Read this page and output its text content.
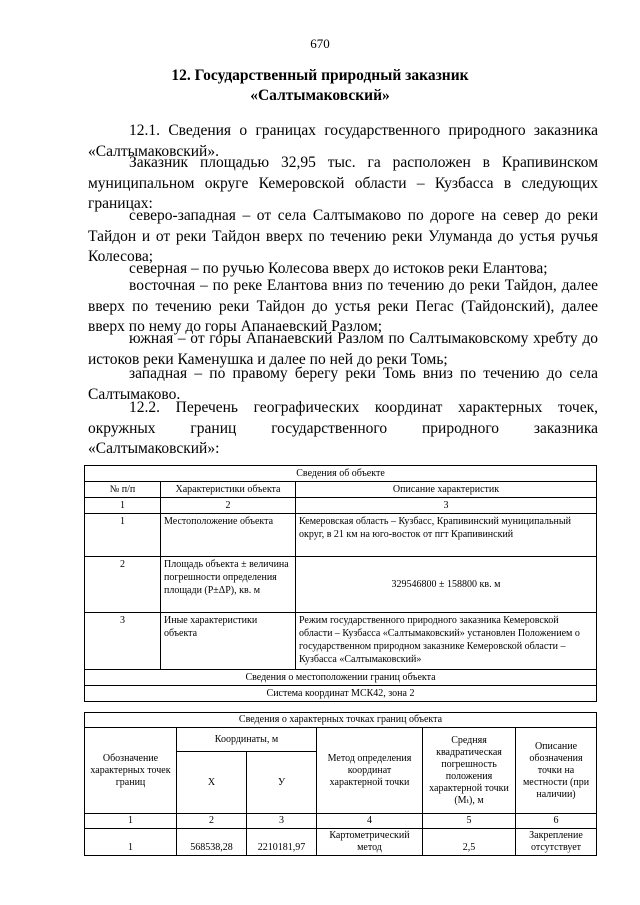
670
12. Государственный природный заказник
«Салтымаковский»
12.1. Сведения о границах государственного природного заказника
«Салтымаковский».
Заказник площадью 32,95 тыс. га расположен в Крапивинском
муниципальном округе Кемеровской области – Кузбасса в следующих
границах:
северо-западная – от села Салтымаково по дороге на север до реки
Тайдон и от реки Тайдон вверх по течению реки Улуманда до устья ручья
Колесова;
северная – по ручью Колесова вверх до истоков реки Елантова;
восточная – по реке Елантова вниз по течению до реки Тайдон, далее
вверх по течению реки Тайдон до устья реки Пегас (Тайдонский), далее
вверх по нему до горы Апанаевский Разлом;
южная – от горы Апанаевский Разлом по Салтымаковскому хребту до
истоков реки Каменушка и далее по ней до реки Томь;
западная – по правому берегу реки Томь вниз по течению до села
Салтымаково.
12.2. Перечень географических координат характерных точек,
окружных границ государственного природного заказника
«Салтымаковский»:
Сведения об объекте		
№ п/п	Характеристики объекта	Описание характеристик
1	2	3
1	Местоположение объекта	Кемеровская область – Кузбасс, Крапивинский муниципальный округ, в 21 км на юго-восток от пгт Крапивинский
2	Площадь объекта ± величина погрешности определения площади (P±ΔP), кв. м	329546800 ± 158800 кв. м
3	Иные характеристики объекта	Режим государственного природного заказника Кемеровской области – Кузбасса «Салтымаковский» установлен Положением о государственном природном заказнике Кемеровской области – Кузбасса «Салтымаковский»
Сведения о местоположении границ объекта		
Система координат МСК42, зона 2		
Сведения о характерных точках границ объекта					
Обозначение характерных точек границ	Координаты, м		Метод определения координат характерной точки	Средняя квадратическая погрешность положения характерной точки (Mₜ), м	Описание обозначения точки на местности (при наличии)
	X	У			
1	2	3	4	5	6
1	568538,28	2210181,97	Картометрический метод	2,5	Закрепление отсутствует
